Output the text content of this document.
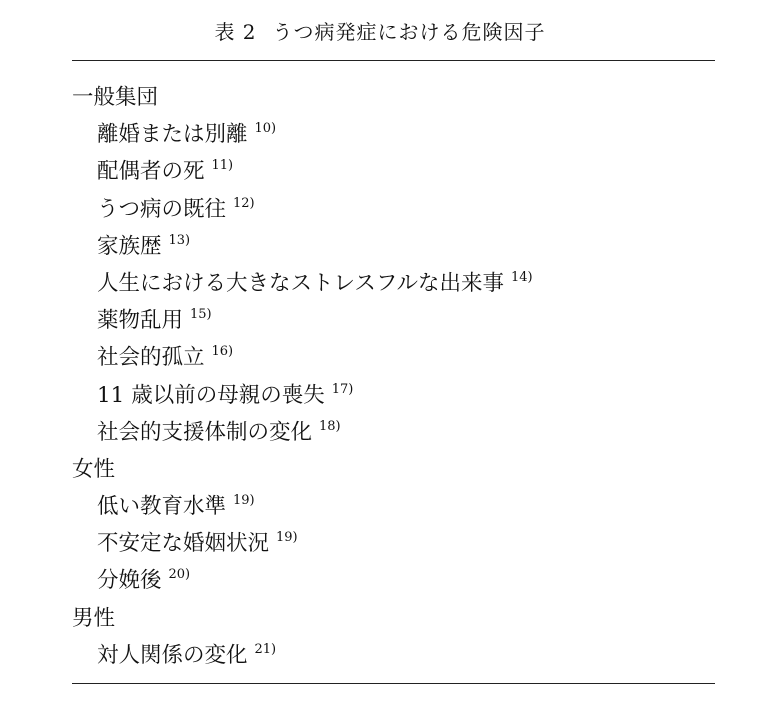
表 2 うつ病発症における危険因子
一般集団
離婚または別離 $^{10)}$
配偶者の死 $^{11)}$
うつ病の既往 $^{12)}$
家族歴 $^{13)}$
人生における大きなストレスフルな出来事 $^{14)}$
薬物乱用 $^{15)}$
社会的孤立 $^{16)}$
11 歳以前の母親の喪失 $^{17)}$
社会的支援体制の変化 $^{18)}$
女性
低い教育水準 $^{19)}$
不安定な婚姻状況 $^{19)}$
分娩後 $^{20)}$
男性
対人関係の変化 $^{21)}$
